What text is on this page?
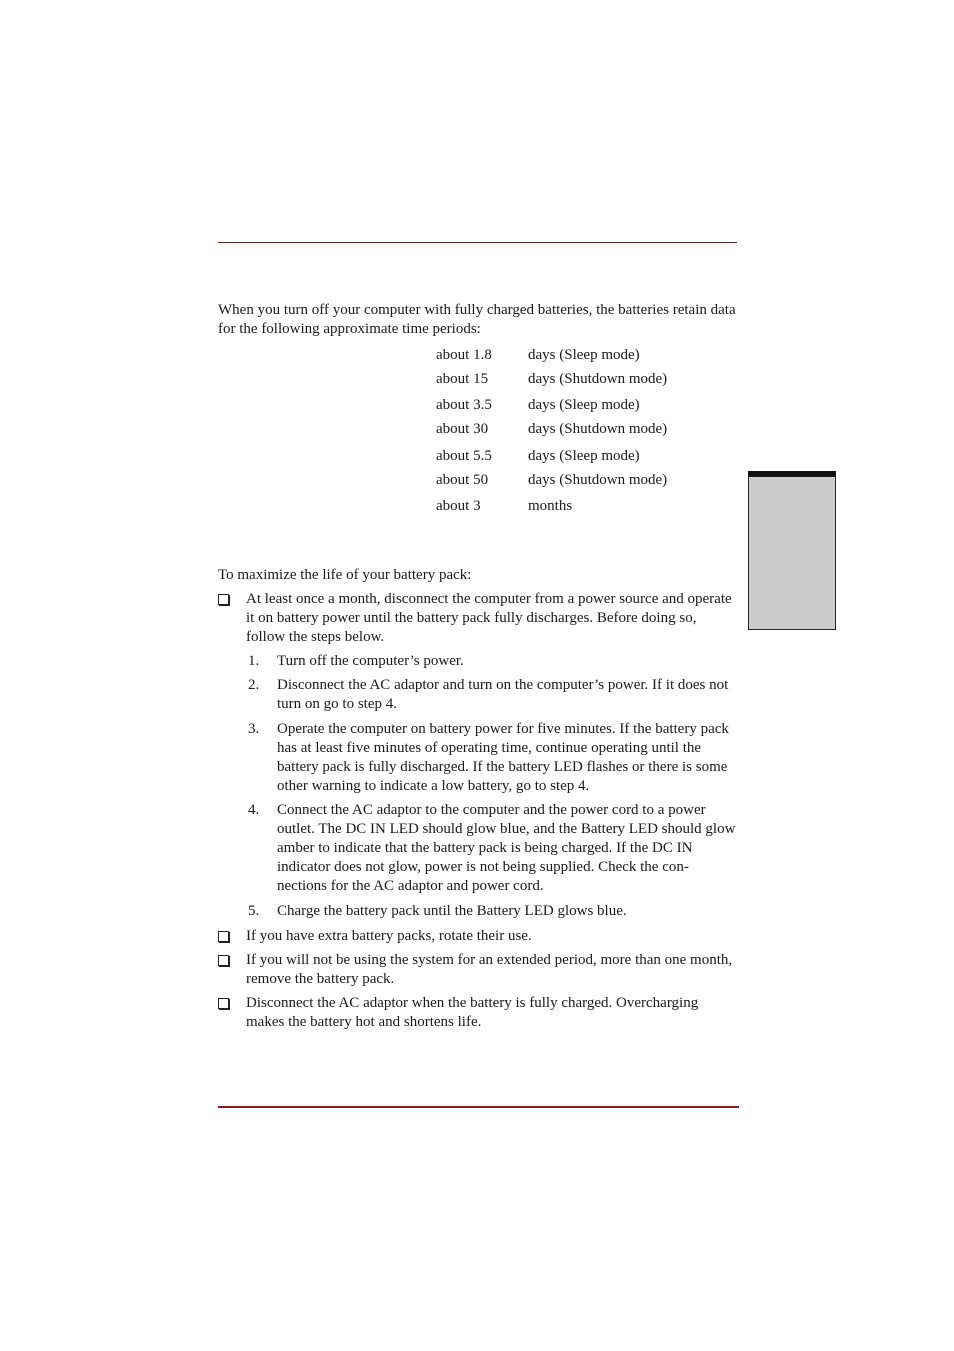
When you turn off your computer with fully charged batteries, the batteries retain data for the following approximate time periods:

about 1.8 days (Sleep mode)
about 15	days (Shutdown mode)
about 3.5 days (Sleep mode)
about 30	days (Shutdown mode)
about 5.5 days (Sleep mode)
about 50	days (Shutdown mode)
about 3	months

To maximize the life of your battery pack:

At least once a month, disconnect the computer from a power source and operate it on battery power until the battery pack fully discharges. Before doing so, follow the steps below.
1.	Turn off the computer’s power.
2.	Disconnect the AC adaptor and turn on the computer’s power. If it does not turn on go to step 4.
3.	Operate the computer on battery power for five minutes. If the battery pack has at least five minutes of operating time, continue operating until the battery pack is fully discharged. If the battery LED flashes or there is some other warning to indicate a low battery, go to step 4.
4.	Connect the AC adaptor to the computer and the power cord to a power outlet. The DC IN LED should glow blue, and the Battery LED should glow amber to indicate that the battery pack is being charged. If the DC IN indicator does not glow, power is not being supplied. Check the con-nections for the AC adaptor and power cord.
5.	Charge the battery pack until the Battery LED glows blue.
If you have extra battery packs, rotate their use.
If you will not be using the system for an extended period, more than one month, remove the battery pack.
Disconnect the AC adaptor when the battery is fully charged. Overcharging makes the battery hot and shortens life.
